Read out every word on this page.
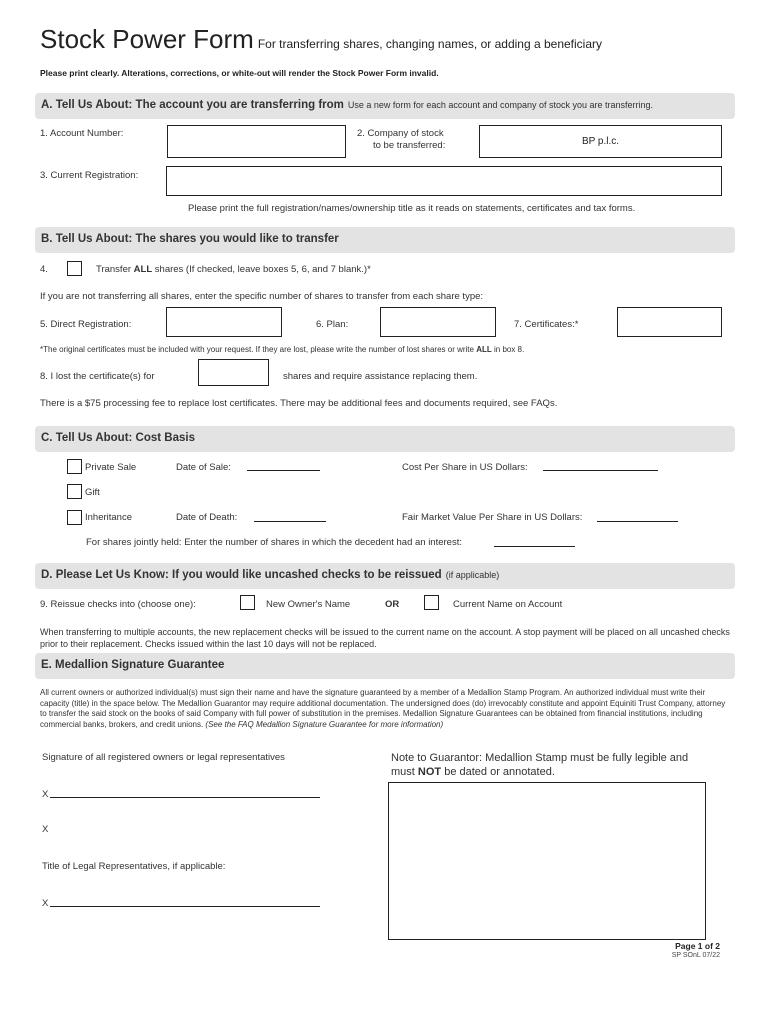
Stock Power Form For transferring shares, changing names, or adding a beneficiary
Please print clearly. Alterations, corrections, or white-out will render the Stock Power Form invalid.
A. Tell Us About: The account you are transferring from Use a new form for each account and company of stock you are transferring.
1. Account Number:	2. Company of stock
to be transferred:	BP p.l.c.
3. Current Registration:
Please print the full registration/names/ownership title as it reads on statements, certificates and tax forms.
B. Tell Us About: The shares you would like to transfer
4.	Transfer ALL shares (If checked, leave boxes 5, 6, and 7 blank.)*
If you are not transferring all shares, enter the specific number of shares to transfer from each share type:
5. Direct Registration:	6. Plan:	7. Certificates:*
*The original certificates must be included with your request. If they are lost, please write the number of lost shares or write ALL in box 8.
8. I lost the certificate(s) for	shares and require assistance replacing them.
There is a $75 processing fee to replace lost certificates. There may be additional fees and documents required, see FAQs.
C. Tell Us About: Cost Basis
Private Sale	Date of Sale:	Cost Per Share in US Dollars:
Gift
Inheritance	Date of Death:	Fair Market Value Per Share in US Dollars:
For shares jointly held: Enter the number of shares in which the decedent had an interest:
D. Please Let Us Know: If you would like uncashed checks to be reissued (if applicable)
9. Reissue checks into (choose one):	New Owner's Name	OR	Current Name on Account
When transferring to multiple accounts, the new replacement checks will be issued to the current name on the account. A stop payment will be placed on all uncashed checks prior to their replacement. Checks issued within the last 10 days will not be replaced.
E. Medallion Signature Guarantee
All current owners or authorized individual(s) must sign their name and have the signature guaranteed by a member of a Medallion Stamp Program. An authorized individual must write their capacity (title) in the space below. The Medallion Guarantor may require additional documentation. The undersigned does (do) irrevocably constitute and appoint Equiniti Trust Company, attorney to transfer the said stock on the books of said Company with full power of substitution in the premises. Medallion Signature Guarantees can be obtained from financial institutions, including commercial banks, brokers, and credit unions. (See the FAQ Medallion Signature Guarantee for more information)
Signature of all registered owners or legal representatives
X
X
Title of Legal Representatives, if applicable:
X
Note to Guarantor: Medallion Stamp must be fully legible and must NOT be dated or annotated.
Page 1 of 2
SP SOnL 07/22
